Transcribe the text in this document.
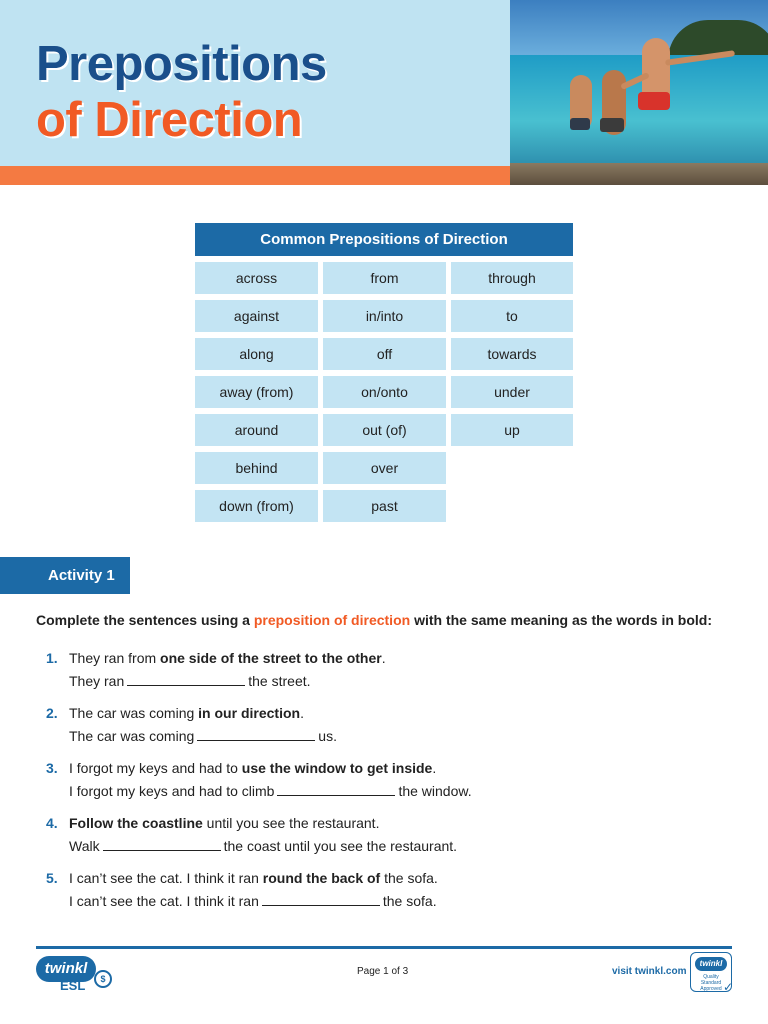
Prepositions
of Direction
Common Prepositions of Direction
across	from	through
against	in/into	to
along	off	towards
away (from)	on/onto	under
around	out (of)	up
behind	over
down (from)	past
Activity 1

Complete the sentences using a preposition of direction with the same meaning as the words in bold:

1. They ran from one side of the street to the other.
They ran	the street.
2. The car was coming in our direction.
The car was coming	us.
3. I forgot my keys and had to use the window to get inside.
I forgot my keys and had to climb	the window.
4. Follow the coastline until you see the restaurant.
Walk	the coast until you see the restaurant.
5. I can’t see the cat. I think it ran round the back of the sofa.
I can’t see the cat. I think it ran	the sofa.
twinkl
ESL	$
Page 1 of 3	visit twinkl.com
twinkl
Quality Standard Approved ✓
